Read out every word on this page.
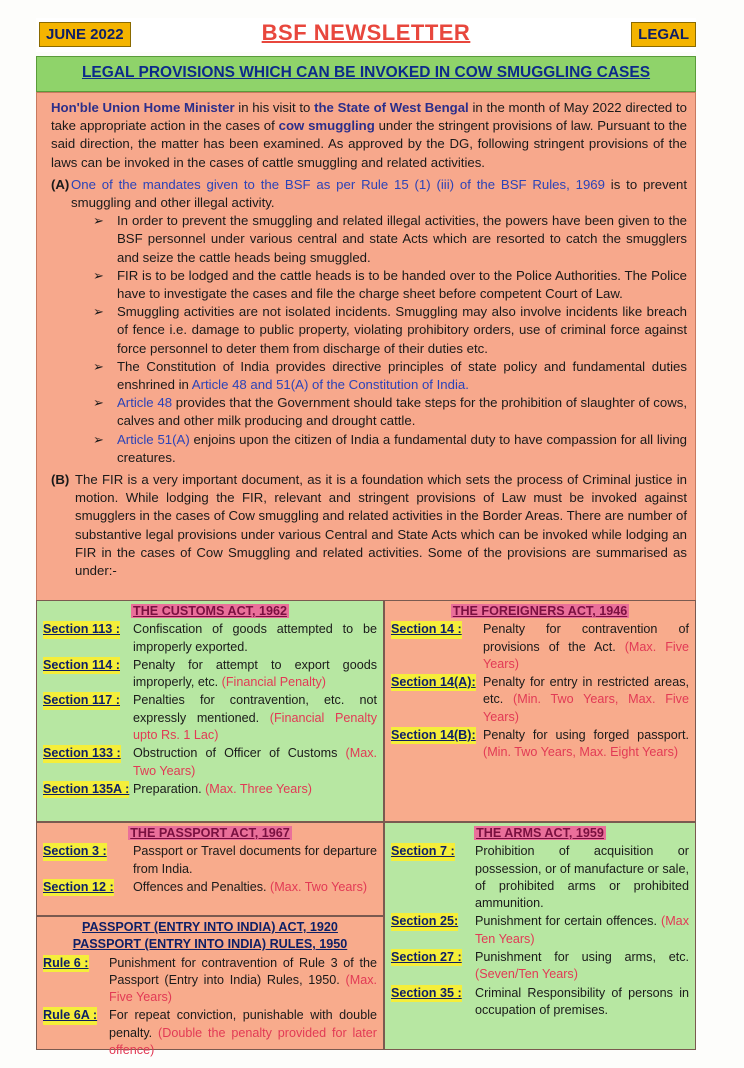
JUNE 2022	BSF NEWSLETTER	LEGAL
LEGAL PROVISIONS WHICH CAN BE INVOKED IN COW SMUGGLING CASES

Hon'ble Union Home Minister in his visit to the State of West Bengal in the month of May 2022 directed to take appropriate action in the cases of cow smuggling under the stringent provisions of law. Pursuant to the said direction, the matter has been examined. As approved by the DG, following stringent provisions of the laws can be invoked in the cases of cattle smuggling and related activities.

(A) One of the mandates given to the BSF as per Rule 15 (1) (iii) of the BSF Rules, 1969 is to prevent smuggling and other illegal activity.

➢ In order to prevent the smuggling and related illegal activities, the powers have been given to the BSF personnel under various central and state Acts which are resorted to catch the smugglers and seize the cattle heads being smuggled.
➢ FIR is to be lodged and the cattle heads is to be handed over to the Police Authorities. The Police have to investigate the cases and file the charge sheet before competent Court of Law.
➢ Smuggling activities are not isolated incidents. Smuggling may also involve incidents like breach of fence i.e. damage to public property, violating prohibitory orders, use of criminal force against force personnel to deter them from discharge of their duties etc.
➢ The Constitution of India provides directive principles of state policy and fundamental duties enshrined in Article 48 and 51(A) of the Constitution of India.
➢ Article 48 provides that the Government should take steps for the prohibition of slaughter of cows, calves and other milk producing and drought cattle.
➢ Article 51(A) enjoins upon the citizen of India a fundamental duty to have compassion for all living creatures.
(B) The FIR is a very important document, as it is a foundation which sets the process of Criminal justice in motion. While lodging the FIR, relevant and stringent provisions of Law must be invoked against smugglers in the cases of Cow smuggling and related activities in the Border Areas. There are number of substantive legal provisions under various Central and State Acts which can be invoked while lodging an FIR in the cases of Cow Smuggling and related activities. Some of the provisions are summarised as under:-
THE CUSTOMS ACT, 1962
Section 113 : Confiscation of goods attempted to be improperly exported.
Section 114 : Penalty for attempt to export goods improperly, etc. (Financial Penalty)
Section 117 : Penalties for contravention, etc. not expressly mentioned. (Financial Penalty upto Rs. 1 Lac)
Section 133 : Obstruction of Officer of Customs (Max. Two Years)
Section 135A : Preparation. (Max. Three Years)
THE FOREIGNERS ACT, 1946
Section 14 : Penalty for contravention of provisions of the Act. (Max. Five Years)
Section 14(A): Penalty for entry in restricted areas, etc. (Min. Two Years, Max. Five Years)
Section 14(B): Penalty for using forged passport. (Min. Two Years, Max. Eight Years)
THE PASSPORT ACT, 1967
Section 3 : Passport or Travel documents for departure from India.
Section 12 : Offences and Penalties. (Max. Two Years)
THE ARMS ACT, 1959
Section 7 : Prohibition of acquisition or possession, or of manufacture or sale, of prohibited arms or prohibited ammunition.
Section 25: Punishment for certain offences. (Max Ten Years)
Section 27 : Punishment for using arms, etc. (Seven/Ten Years)
Section 35 : Criminal Responsibility of persons in occupation of premises.
PASSPORT (ENTRY INTO INDIA) ACT, 1920
PASSPORT (ENTRY INTO INDIA) RULES, 1950
Rule 6 : Punishment for contravention of Rule 3 of the Passport (Entry into India) Rules, 1950. (Max. Five Years)
Rule 6A : For repeat conviction, punishable with double penalty. (Double the penalty provided for later offence)
